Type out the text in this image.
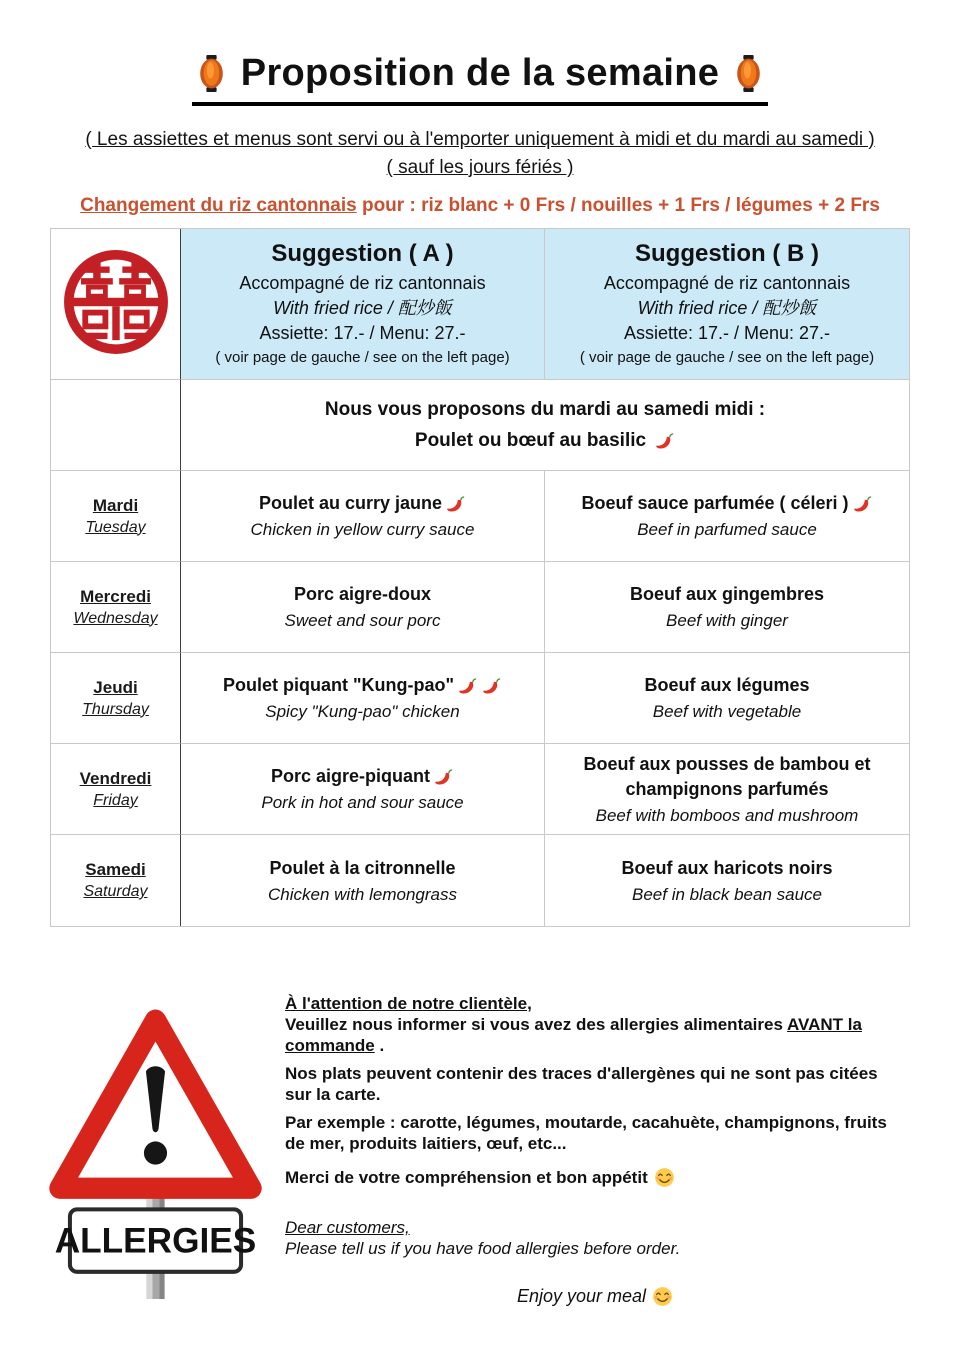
Proposition de la semaine
( Les assiettes et menus sont servi ou à l'emporter uniquement à midi et du mardi au samedi )
( sauf les jours fériés )
Changement du riz cantonnais pour : riz blanc + 0 Frs / nouilles + 1 Frs / légumes + 2 Frs
Suggestion ( A )
Accompagné de riz cantonnais
With fried rice / 配炒飯
Assiette: 17.- / Menu: 27.-
( voir page de gauche / see on the left page)
Suggestion ( B )
Accompagné de riz cantonnais
With fried rice / 配炒飯
Assiette: 17.- / Menu: 27.-
( voir page de gauche / see on the left page)
Nous vous proposons du mardi au samedi midi :
Poulet ou bœuf au basilic
Mardi
Tuesday
Poulet au curry jaune
Chicken in yellow curry sauce
Boeuf sauce parfumée ( céleri )
Beef in parfumed sauce
Mercredi
Wednesday
Porc aigre-doux
Sweet and sour porc
Boeuf aux gingembres
Beef with ginger
Jeudi
Thursday
Poulet piquant "Kung-pao"
Spicy "Kung-pao" chicken
Boeuf aux légumes
Beef with vegetable
Vendredi
Friday
Porc aigre-piquant
Pork in hot and sour sauce
Boeuf aux pousses de bambou et champignons parfumés
Beef with bomboos and mushroom
Samedi
Saturday
Poulet à la citronnelle
Chicken with lemongrass
Boeuf aux haricots noirs
Beef in black bean sauce
ALLERGIES

À l'attention de notre clientèle,

Veuillez nous informer si vous avez des allergies alimentaires AVANT la commande .

Nos plats peuvent contenir des traces d'allergènes qui ne sont pas citées sur la carte.

Par exemple : carotte, légumes, moutarde, cacahuète, champignons, fruits de mer, produits laitiers, œuf, etc...

Merci de votre compréhension et bon appétit

Dear customers,

Please tell us if you have food allergies before order.

Enjoy your meal
